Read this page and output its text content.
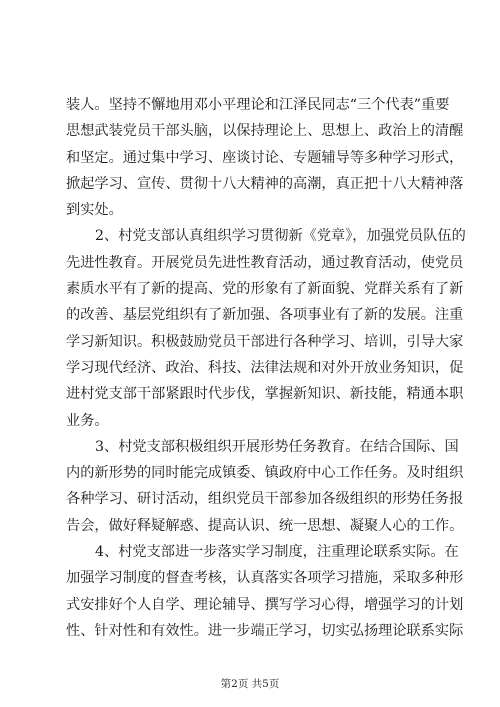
装人。坚持不懈地用邓小平理论和江泽民同志“三个代表”重要
思想武装党员干部头脑，以保持理论上、思想上、政治上的清醒
和坚定。通过集中学习、座谈讨论、专题辅导等多种学习形式，
掀起学习、宣传、贯彻十八大精神的高潮，真正把十八大精神落
到实处。
2、村党支部认真组织学习贯彻新《党章》，加强党员队伍的
先进性教育。开展党员先进性教育活动，通过教育活动，使党员
素质水平有了新的提高、党的形象有了新面貌、党群关系有了新
的改善、基层党组织有了新加强、各项事业有了新的发展。注重
学习新知识。积极鼓励党员干部进行各种学习、培训，引导大家
学习现代经济、政治、科技、法律法规和对外开放业务知识，促
进村党支部干部紧跟时代步伐，掌握新知识、新技能，精通本职
业务。
3、村党支部积极组织开展形势任务教育。在结合国际、国
内的新形势的同时能完成镇委、镇政府中心工作任务。及时组织
各种学习、研讨活动，组织党员干部参加各级组织的形势任务报
告会，做好释疑解惑、提高认识、统一思想、凝聚人心的工作。
4、村党支部进一步落实学习制度，注重理论联系实际。在
加强学习制度的督查考核，认真落实各项学习措施，采取多种形
式安排好个人自学、理论辅导、撰写学习心得，增强学习的计划
性、针对性和有效性。进一步端正学习，切实弘扬理论联系实际
第2页 共5页
